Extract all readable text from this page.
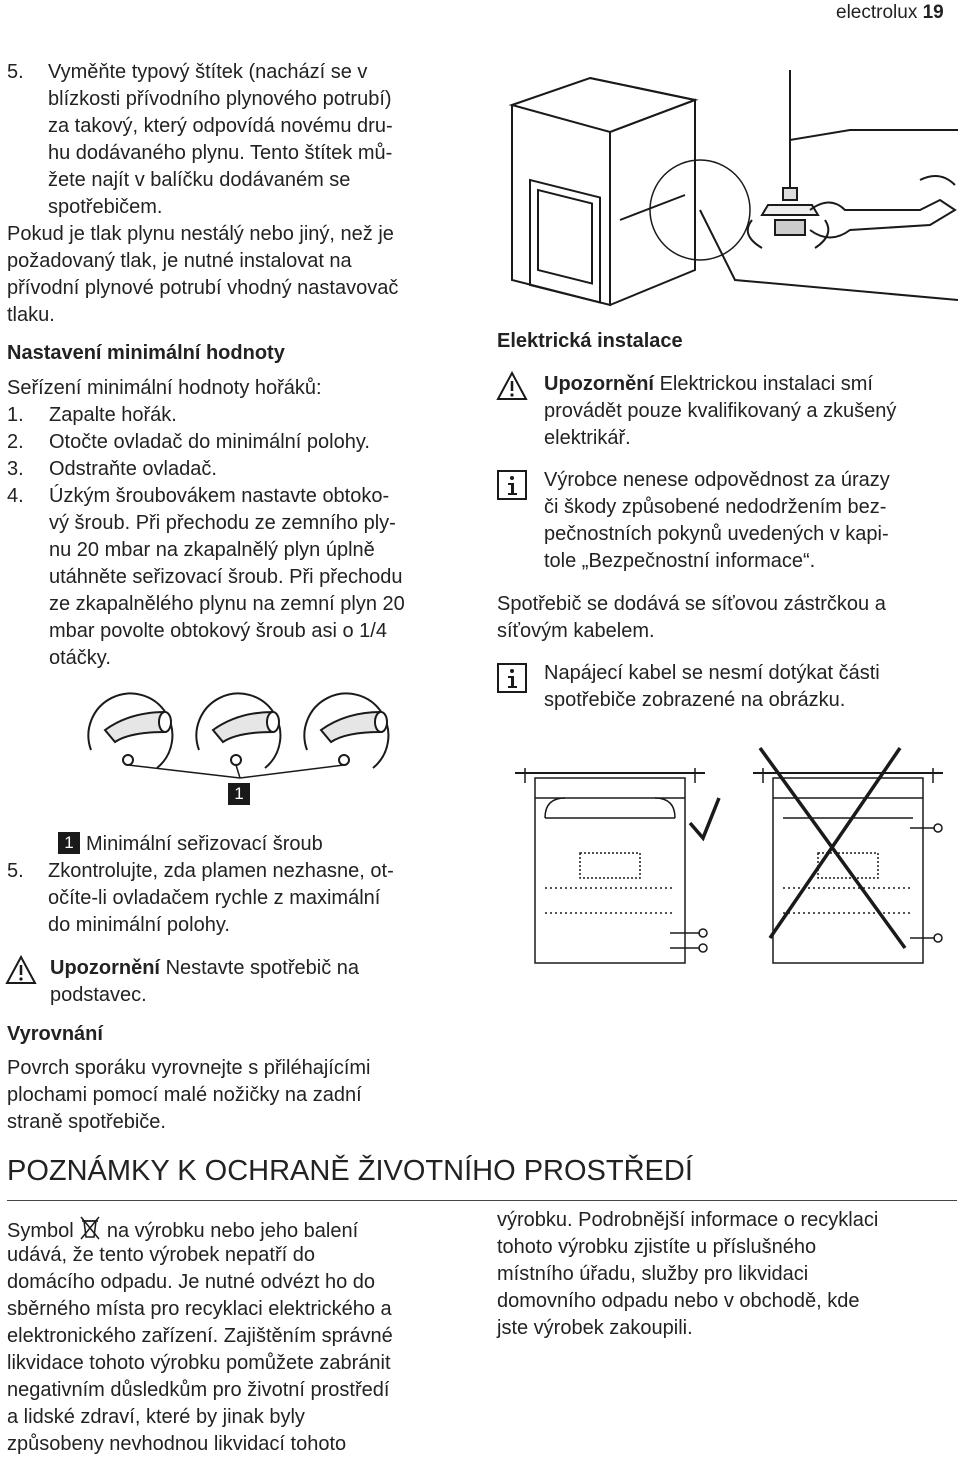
electrolux 19
5. Vyměňte typový štítek (nachází se v
blízkosti přívodního plynového potrubí)
za takový, který odpovídá novému dru-
hu dodávaného plynu. Tento štítek mů-
žete najít v balíčku dodávaném se
spotřebičem.
Pokud je tlak plynu nestálý nebo jiný, než je
požadovaný tlak, je nutné instalovat na
přívodní plynové potrubí vhodný nastavovač
tlaku.
Nastavení minimální hodnoty
Seřízení minimální hodnoty hořáků:
1. Zapalte hořák.
2. Otočte ovladač do minimální polohy.
3. Odstraňte ovladač.
4. Úzkým šroubovákem nastavte obtoko-
vý šroub. Při přechodu ze zemního ply-
nu 20 mbar na zkapalnělý plyn úplně
utáhněte seřizovací šroub. Při přechodu
ze zkapalnělého plynu na zemní plyn 20
mbar povolte obtokový šroub asi o 1/4
otáčky.
1
1 Minimální seřizovací šroub
5. Zkontrolujte, zda plamen nezhasne, ot-
očíte-li ovladačem rychle z maximální
do minimální polohy.
Upozornění Nestavte spotřebič na
podstavec.
Vyrovnání
Povrch sporáku vyrovnejte s přiléhajícími
plochami pomocí malé nožičky na zadní
straně spotřebiče.
Elektrická instalace
Upozornění Elektrickou instalaci smí
provádět pouze kvalifikovaný a zkušený
elektrikář.
Výrobce nenese odpovědnost za úrazy
či škody způsobené nedodržením bez-
pečnostních pokynů uvedených v kapi-
tole „Bezpečnostní informace“.
Spotřebič se dodává se síťovou zástrčkou a
síťovým kabelem.
Napájecí kabel se nesmí dotýkat části
spotřebiče zobrazené na obrázku.
POZNÁMKY K OCHRANĚ ŽIVOTNÍHO PROSTŘEDÍ
Symbol na výrobku nebo jeho balení
udává, že tento výrobek nepatří do
domácího odpadu. Je nutné odvézt ho do
sběrného místa pro recyklaci elektrického a
elektronického zařízení. Zajištěním správné
likvidace tohoto výrobku pomůžete zabránit
negativním důsledkům pro životní prostředí
a lidské zdraví, které by jinak byly
způsobeny nevhodnou likvidací tohoto
výrobku. Podrobnější informace o recyklaci
tohoto výrobku zjistíte u příslušného
místního úřadu, služby pro likvidaci
domovního odpadu nebo v obchodě, kde
jste výrobek zakoupili.
